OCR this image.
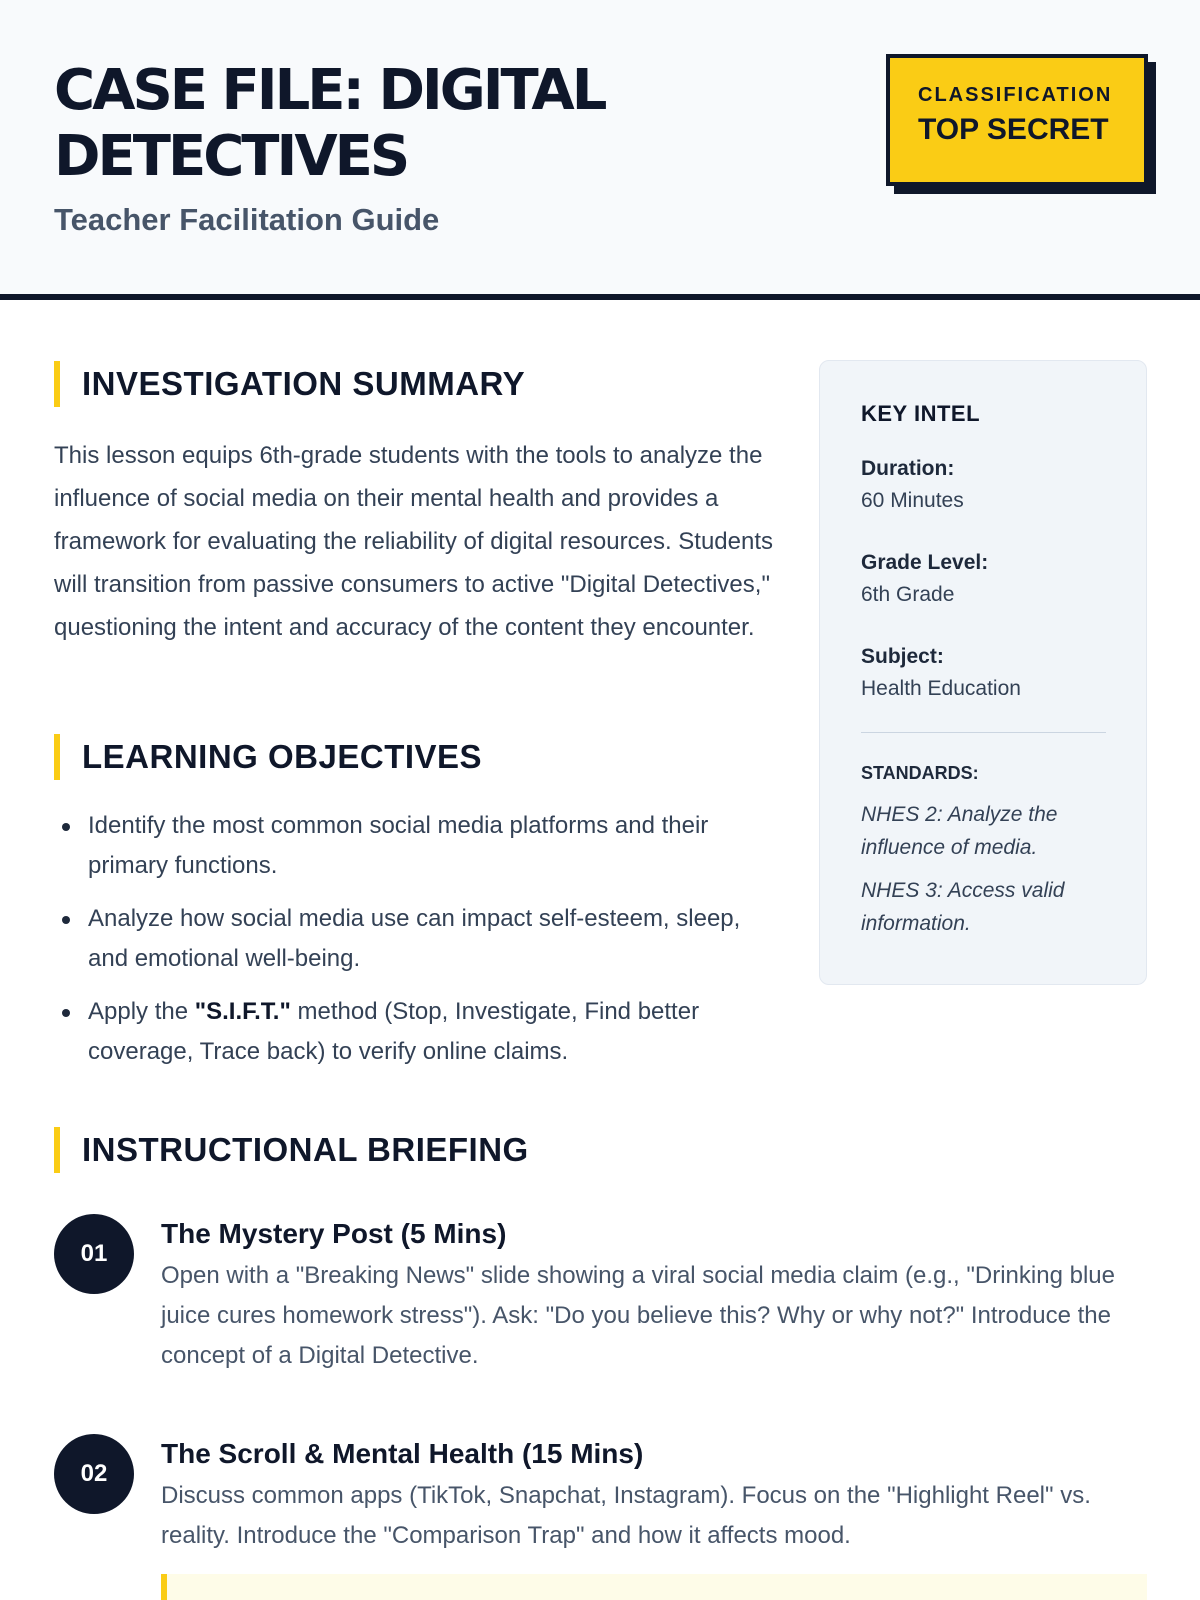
CASE FILE: DIGITAL DETECTIVES
Teacher Facilitation Guide
CLASSIFICATION
TOP SECRET
INVESTIGATION SUMMARY

This lesson equips 6th-grade students with the tools to analyze the influence of social media on their mental health and provides a framework for evaluating the reliability of digital resources. Students will transition from passive consumers to active "Digital Detectives," questioning the intent and accuracy of the content they encounter.

LEARNING OBJECTIVES
Identify the most common social media platforms and their primary functions.
Analyze how social media use can impact self-esteem, sleep, and emotional well-being.
Apply the "S.I.F.T." method (Stop, Investigate, Find better coverage, Trace back) to verify online claims.
KEY INTEL
Duration:
60 Minutes
Grade Level:
6th Grade
Subject:
Health Education
STANDARDS:
NHES 2: Analyze the influence of media.
NHES 3: Access valid information.
INSTRUCTIONAL BRIEFING
01
The Mystery Post (5 Mins)
Open with a "Breaking News" slide showing a viral social media claim (e.g., "Drinking blue juice cures homework stress"). Ask: "Do you believe this? Why or why not?" Introduce the concept of a Digital Detective.
02
The Scroll & Mental Health (15 Mins)
Discuss common apps (TikTok, Snapchat, Instagram). Focus on the "Highlight Reel" vs. reality. Introduce the "Comparison Trap" and how it affects mood.
